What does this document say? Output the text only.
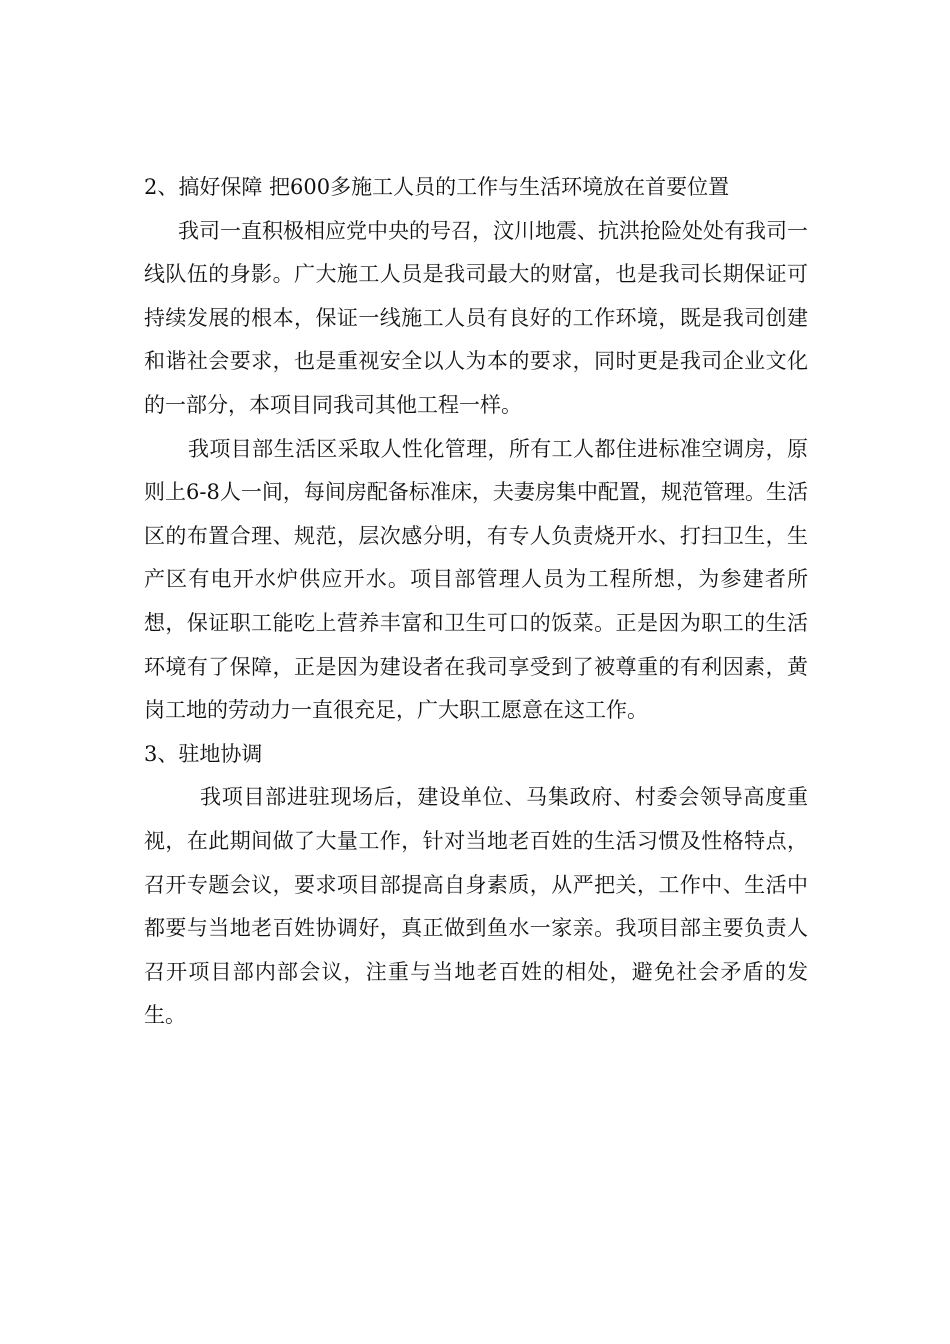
2、搞好保障 把600多施工人员的工作与生活环境放在首要位置

我司一直积极相应党中央的号召，汶川地震、抗洪抢险处处有我司一线队伍的身影。广大施工人员是我司最大的财富，也是我司长期保证可持续发展的根本，保证一线施工人员有良好的工作环境，既是我司创建和谐社会要求，也是重视安全以人为本的要求，同时更是我司企业文化的一部分，本项目同我司其他工程一样。

我项目部生活区采取人性化管理，所有工人都住进标准空调房，原则上6-8人一间，每间房配备标准床，夫妻房集中配置，规范管理。生活区的布置合理、规范，层次感分明，有专人负责烧开水、打扫卫生，生产区有电开水炉供应开水。项目部管理人员为工程所想，为参建者所想，保证职工能吃上营养丰富和卫生可口的饭菜。正是因为职工的生活环境有了保障，正是因为建设者在我司享受到了被尊重的有利因素，黄岗工地的劳动力一直很充足，广大职工愿意在这工作。

3、驻地协调

我项目部进驻现场后，建设单位、马集政府、村委会领导高度重视，在此期间做了大量工作，针对当地老百姓的生活习惯及性格特点，召开专题会议，要求项目部提高自身素质，从严把关，工作中、生活中都要与当地老百姓协调好，真正做到鱼水一家亲。我项目部主要负责人召开项目部内部会议，注重与当地老百姓的相处，避免社会矛盾的发生。
